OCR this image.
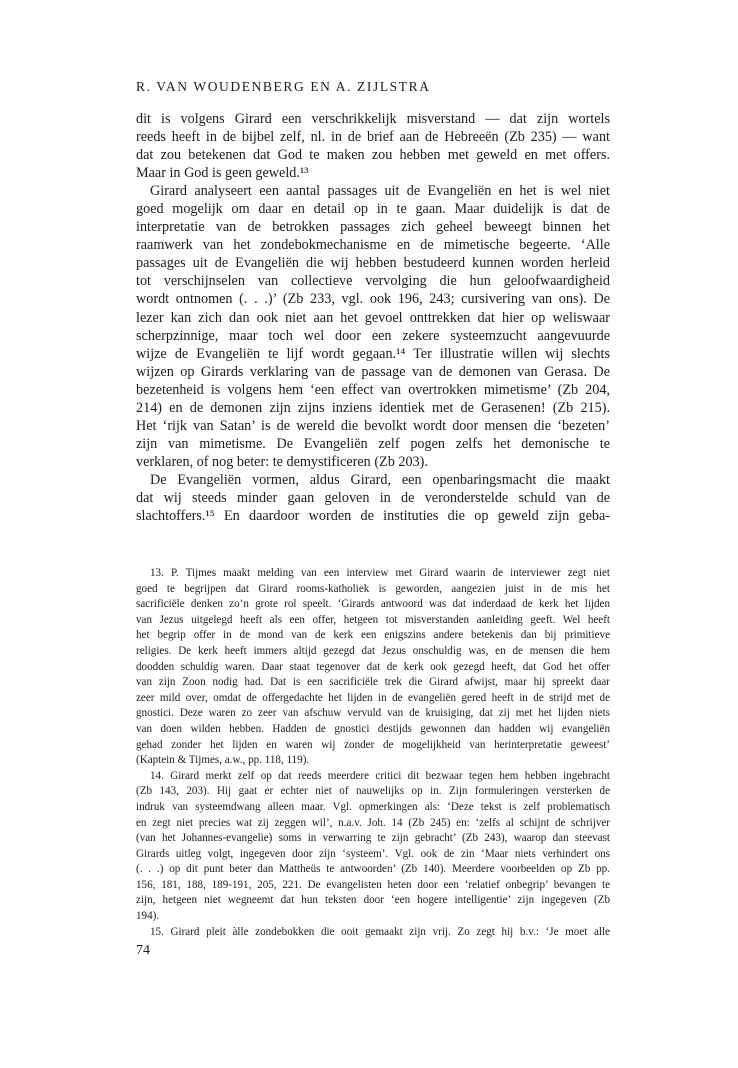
R. VAN WOUDENBERG EN A. ZIJLSTRA
dit is volgens Girard een verschrikkelijk misverstand — dat zijn wortels
reeds heeft in de bijbel zelf, nl. in de brief aan de Hebreeën (Zb 235) — want
dat zou betekenen dat God te maken zou hebben met geweld en met offers.
Maar in God is geen geweld.¹³
Girard analyseert een aantal passages uit de Evangeliën en het is wel niet
goed mogelijk om daar en detail op in te gaan. Maar duidelijk is dat de
interpretatie van de betrokken passages zich geheel beweegt binnen het
raamwerk van het zondebokmechanisme en de mimetische begeerte. ‘Alle
passages uit de Evangeliën die wij hebben bestudeerd kunnen worden herleid
tot verschijnselen van collectieve vervolging die hun geloofwaardigheid
wordt ontnomen (. . .)’ (Zb 233, vgl. ook 196, 243; cursivering van ons). De
lezer kan zich dan ook niet aan het gevoel onttrekken dat hier op weliswaar
scherpzinnige, maar toch wel door een zekere systeemzucht aangevuurde
wijze de Evangeliën te lijf wordt gegaan.¹⁴ Ter illustratie willen wij slechts
wijzen op Girards verklaring van de passage van de demonen van Gerasa. De
bezetenheid is volgens hem ‘een effect van overtrokken mimetisme’ (Zb 204,
214) en de demonen zijn zijns inziens identiek met de Gerasenen! (Zb 215).
Het ‘rijk van Satan’ is de wereld die bevolkt wordt door mensen die ‘bezeten’
zijn van mimetisme. De Evangeliën zelf pogen zelfs het demonische te
verklaren, of nog beter: te demystificeren (Zb 203).
De Evangeliën vormen, aldus Girard, een openbaringsmacht die maakt
dat wij steeds minder gaan geloven in de veronderstelde schuld van de
slachtoffers.¹⁵ En daardoor worden de instituties die op geweld zijn geba-
13. P. Tijmes maakt melding van een interview met Girard waarin de interviewer zegt niet
goed te begrijpen dat Girard rooms-katholiek is geworden, aangezien juist in de mis het
sacrificiële denken zo’n grote rol speelt. ‘Girards antwoord was dat inderdaad de kerk het lijden
van Jezus uitgelegd heeft als een offer, hetgeen tot misverstanden aanleiding geeft. Wel heeft
het begrip offer in de mond van de kerk een enigszins andere betekenis dan bij primitieve
religies. De kerk heeft immers altijd gezegd dat Jezus onschuldig was, en de mensen die hem
doodden schuldig waren. Daar staat tegenover dat de kerk ook gezegd heeft, dat God het offer
van zijn Zoon nodig had. Dat is een sacrificiële trek die Girard afwijst, maar hij spreekt daar
zeer mild over, omdat de offergedachte het lijden in de evangeliën gered heeft in de strijd met de
gnostici. Deze waren zo zeer van afschuw vervuld van de kruisiging, dat zij met het lijden niets
van doen wilden hebben. Hadden de gnostici destijds gewonnen dan hadden wij evangeliën
gehad zonder het lijden en waren wij zonder de mogelijkheid van herinterpretatie geweest’
(Kaptein & Tijmes, a.w., pp. 118, 119).
14. Girard merkt zelf op dat reeds meerdere critici dit bezwaar tegen hem hebben ingebracht
(Zb 143, 203). Hij gaat er echter niet of nauwelijks op in. Zijn formuleringen versterken de
indruk van systeemdwang alleen maar. Vgl. opmerkingen als: ‘Deze tekst is zelf problematisch
en zegt niet precies wat zij zeggen wil’, n.a.v. Joh. 14 (Zb 245) en: ‘zelfs al schijnt de schrijver
(van het Johannes-evangelie) soms in verwarring te zijn gebracht’ (Zb 243), waarop dan steevast
Girards uitleg volgt, ingegeven door zijn ‘systeem’. Vgl. ook de zin ‘Maar niets verhindert ons
(. . .) op dit punt beter dan Mattheüs te antwoorden’ (Zb 140). Meerdere voorbeelden op Zb pp.
156, 181, 188, 189-191, 205, 221. De evangelisten heten door een ‘relatief onbegrip’ bevangen te
zijn, hetgeen niet wegneemt dat hun teksten door ‘een hogere intelligentie’ zijn ingegeven (Zb
194).
15. Girard pleit àlle zondebokken die ooit gemaakt zijn vrij. Zo zegt hij b.v.: ‘Je moet alle
74
